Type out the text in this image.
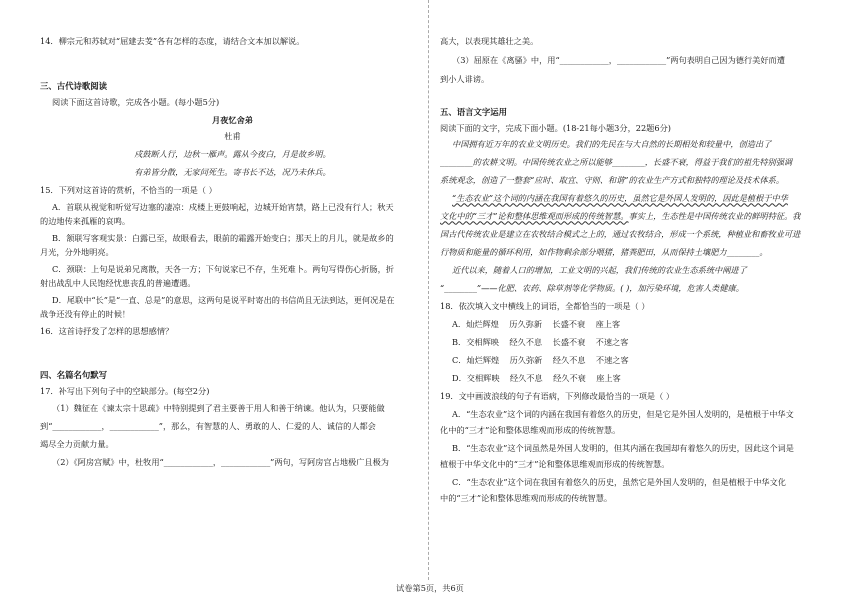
14．柳宗元和苏轼对“屈建去芰”各有怎样的态度，请结合文本加以解说。

三、古代诗歌阅读

阅读下面这首诗歌，完成各小题。(每小题5分)

月夜忆舍弟

杜甫

戍鼓断人行，边秋一雁声。露从今夜白，月是故乡明。

有弟皆分散，无家问死生。寄书长不达，况乃未休兵。

15．下列对这首诗的赏析，不恰当的一项是（ ）

A．首联从视觉和听觉写边塞的凄凉：戍楼上更鼓响起，边城开始宵禁，路上已没有行人；秋天

的边地传来孤雁的哀鸣。

B．颔联写客观实景：白露已至，故眼看去，眼前的霜露开始变白；那天上的月儿，就是故乡的

月光，分外地明亮。

C．颈联：上句是说弟兄离散，天各一方；下句说家已不存，生死难卜。两句写得伤心折肠，折

射出战乱中人民饱经忧患丧乱的普遍遭遇。

D．尾联中“长”是“一直、总是”的意思，这两句是说平时寄出的书信尚且无法到达，更何况是在

战争还没有停止的时候！

16．这首诗抒发了怎样的思想感情？

四、名篇名句默写

17．补写出下列句子中的空缺部分。(每空2分)

（1）魏征在《谏太宗十思疏》中特别提到了君主要善于用人和善于纳谏。他认为，只要能做

到“____________，____________”，那么，有智慧的人、勇敢的人、仁爱的人、诚信的人都会

竭尽全力贡献力量。

（2）《阿房宫赋》中，杜牧用“____________，____________”两句，写阿房宫占地极广且极为

高大，以表现其雄壮之美。

（3）屈原在《离骚》中，用“____________，____________”两句表明自己因为德行美好而遭

到小人诽谤。

五、语言文字运用

阅读下面的文字，完成下面小题。(18-21每小题3分，22题6分)

中国拥有近万年的农业文明历史。我们的先民在与大自然的长期相处和较量中，创造出了

________的农耕文明。中国传统农业之所以能够________，长盛不衰，得益于我们的祖先特别强调

系统观念，创造了一整套“应时、取宜、守则、和谐”的农业生产方式和独特的理论及技术体系。

“生态农业”这个词的内涵在我国有着悠久的历史，虽然它是外国人发明的，因此是植根于中华

文化中的“三才”论和整体思维观而形成的传统智慧。事实上，生态性是中国传统农业的鲜明特征。我

国古代传统农业是建立在农牧结合模式之上的，通过农牧结合，形成一个系统，种植业和畜牧业可进

行物质和能量的循环利用，如作物剩余部分喂猪，猪粪肥田，从而保持土壤肥力________。

近代以来，随着人口的增加，工业文明的兴起，我们传统的农业生态系统中阐进了

“________”——化肥、农药、除草剂等化学物质。( )，加污染环境，危害人类健康。

18．依次填入文中横线上的词语，全都恰当的一项是（ ）

A．灿烂辉煌    历久弥新    长盛不衰    座上客

B．交相辉映    经久不息    长盛不衰    不速之客

C．灿烂辉煌    历久弥新    经久不息    不速之客

D．交相辉映    经久不息    经久不衰    座上客

19．文中画波浪线的句子有语病，下列修改最恰当的一项是（ ）

A．“生态农业”这个词的内涵在我国有着悠久的历史，但是它是外国人发明的，是植根于中华文

化中的“三才”论和整体思维观而形成的传统智慧。

B．“生态农业”这个词虽然是外国人发明的，但其内涵在我国却有着悠久的历史，因此这个词是

植根于中华文化中的“三才”论和整体思维观而形成的传统智慧。

C．“生态农业”这个词在我国有着悠久的历史，虽然它是外国人发明的，但是植根于中华文化

中的“三才”论和整体思维观而形成的传统智慧。

试卷第5页，共6页
